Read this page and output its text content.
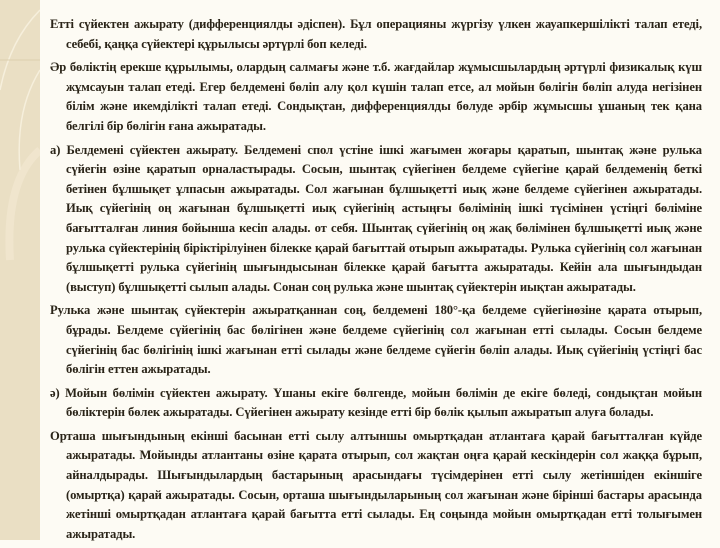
Етті сүйектен ажырату (дифференциялды әдіспен). Бұл операцияны жүргізу үлкен жауапкершілікті талап етеді, себебі, қаңқа сүйектері құрылысы әртүрлі боп келеді.

Әр бөліктің ерекше құрылымы, олардың салмағы және т.б. жағдайлар жұмысшылардың әртүрлі физикалық күш жұмсауын талап етеді. Егер белдемені бөліп алу қол күшін талап етсе, ал мойын бөлігін бөліп алуда негізінен білім және икемділікті талап етеді. Сондықтан, дифференциялды бөлуде әрбір жұмысшы ұшаның тек қана белгілі бір бөлігін ғана ажыратады.

а) Белдемені сүйектен ажырату. Белдемені спол үстіне ішкі жағымен жоғары қаратып, шынтақ және рулька сүйегін өзіне қаратып орналастырады. Сосын, шынтақ сүйегінен белдеме сүйегіне қарай белдеменің беткі бетінен бұлшықет ұлпасын ажыратады. Сол жағынан бұлшықетті иық және белдеме сүйегінен ажыратады. Иық сүйегінің оң жағынан бұлшықетті иық сүйегінің астыңғы бөлімінің ішкі түсімінен үстіңгі бөліміне бағытталған линия бойынша кесіп алады. от себя. Шынтақ сүйегінің оң жақ бөлімінен бұлшықетті иық және рулька сүйектерінің біріктірілуінен білекке қарай бағыттай отырып ажыратады. Рулька сүйегінің сол жағынан бұлшықетті рулька сүйегінің шығындысынан білекке қарай бағытта ажыратады. Кейін ала шығындыдан (выступ) бұлшықетті сылып алады. Сонан соң рулька және шынтақ сүйектерін иықтан ажыратады.

Рулька және шынтақ сүйектерін ажыратқаннан соң, белдемені 180°-қа белдеме сүйегінөзіне қарата отырып, бұрады. Белдеме сүйегінің бас бөлігінен және белдеме сүйегінің сол жағынан етті сылады. Сосын белдеме сүйегінің бас бөлігінің ішкі жағынан етті сылады және белдеме сүйегін бөліп алады. Иық сүйегінің үстіңгі бас бөлігін еттен ажыратады.

ә) Мойын бөлімін сүйектен ажырату. Үшаны екіге бөлгенде, мойын бөлімін де екіге бөледі, сондықтан мойын бөліктерін бөлек ажыратады. Сүйегінен ажырату кезінде етті бір бөлік қылып ажыратып алуға болады.

Орташа шығындының екінші басынан етті сылу алтыншы омыртқадан атлантаға қарай бағытталған күйде ажыратады. Мойынды атлантаны өзіне қарата отырып, сол жақтан оңға қарай кескіндерін сол жаққа бұрып, айналдырады. Шығындылардың бастарының арасындағы түсімдерінен етті сылу жетіншіден екіншіге (омыртқа) қарай ажыратады. Сосын, орташа шығындыларының сол жағынан және бірінші бастары арасында жетінші омыртқадан атлантаға қарай бағытта етті сылады. Ең соңында мойын омыртқадан етті толығымен ажыратады.
